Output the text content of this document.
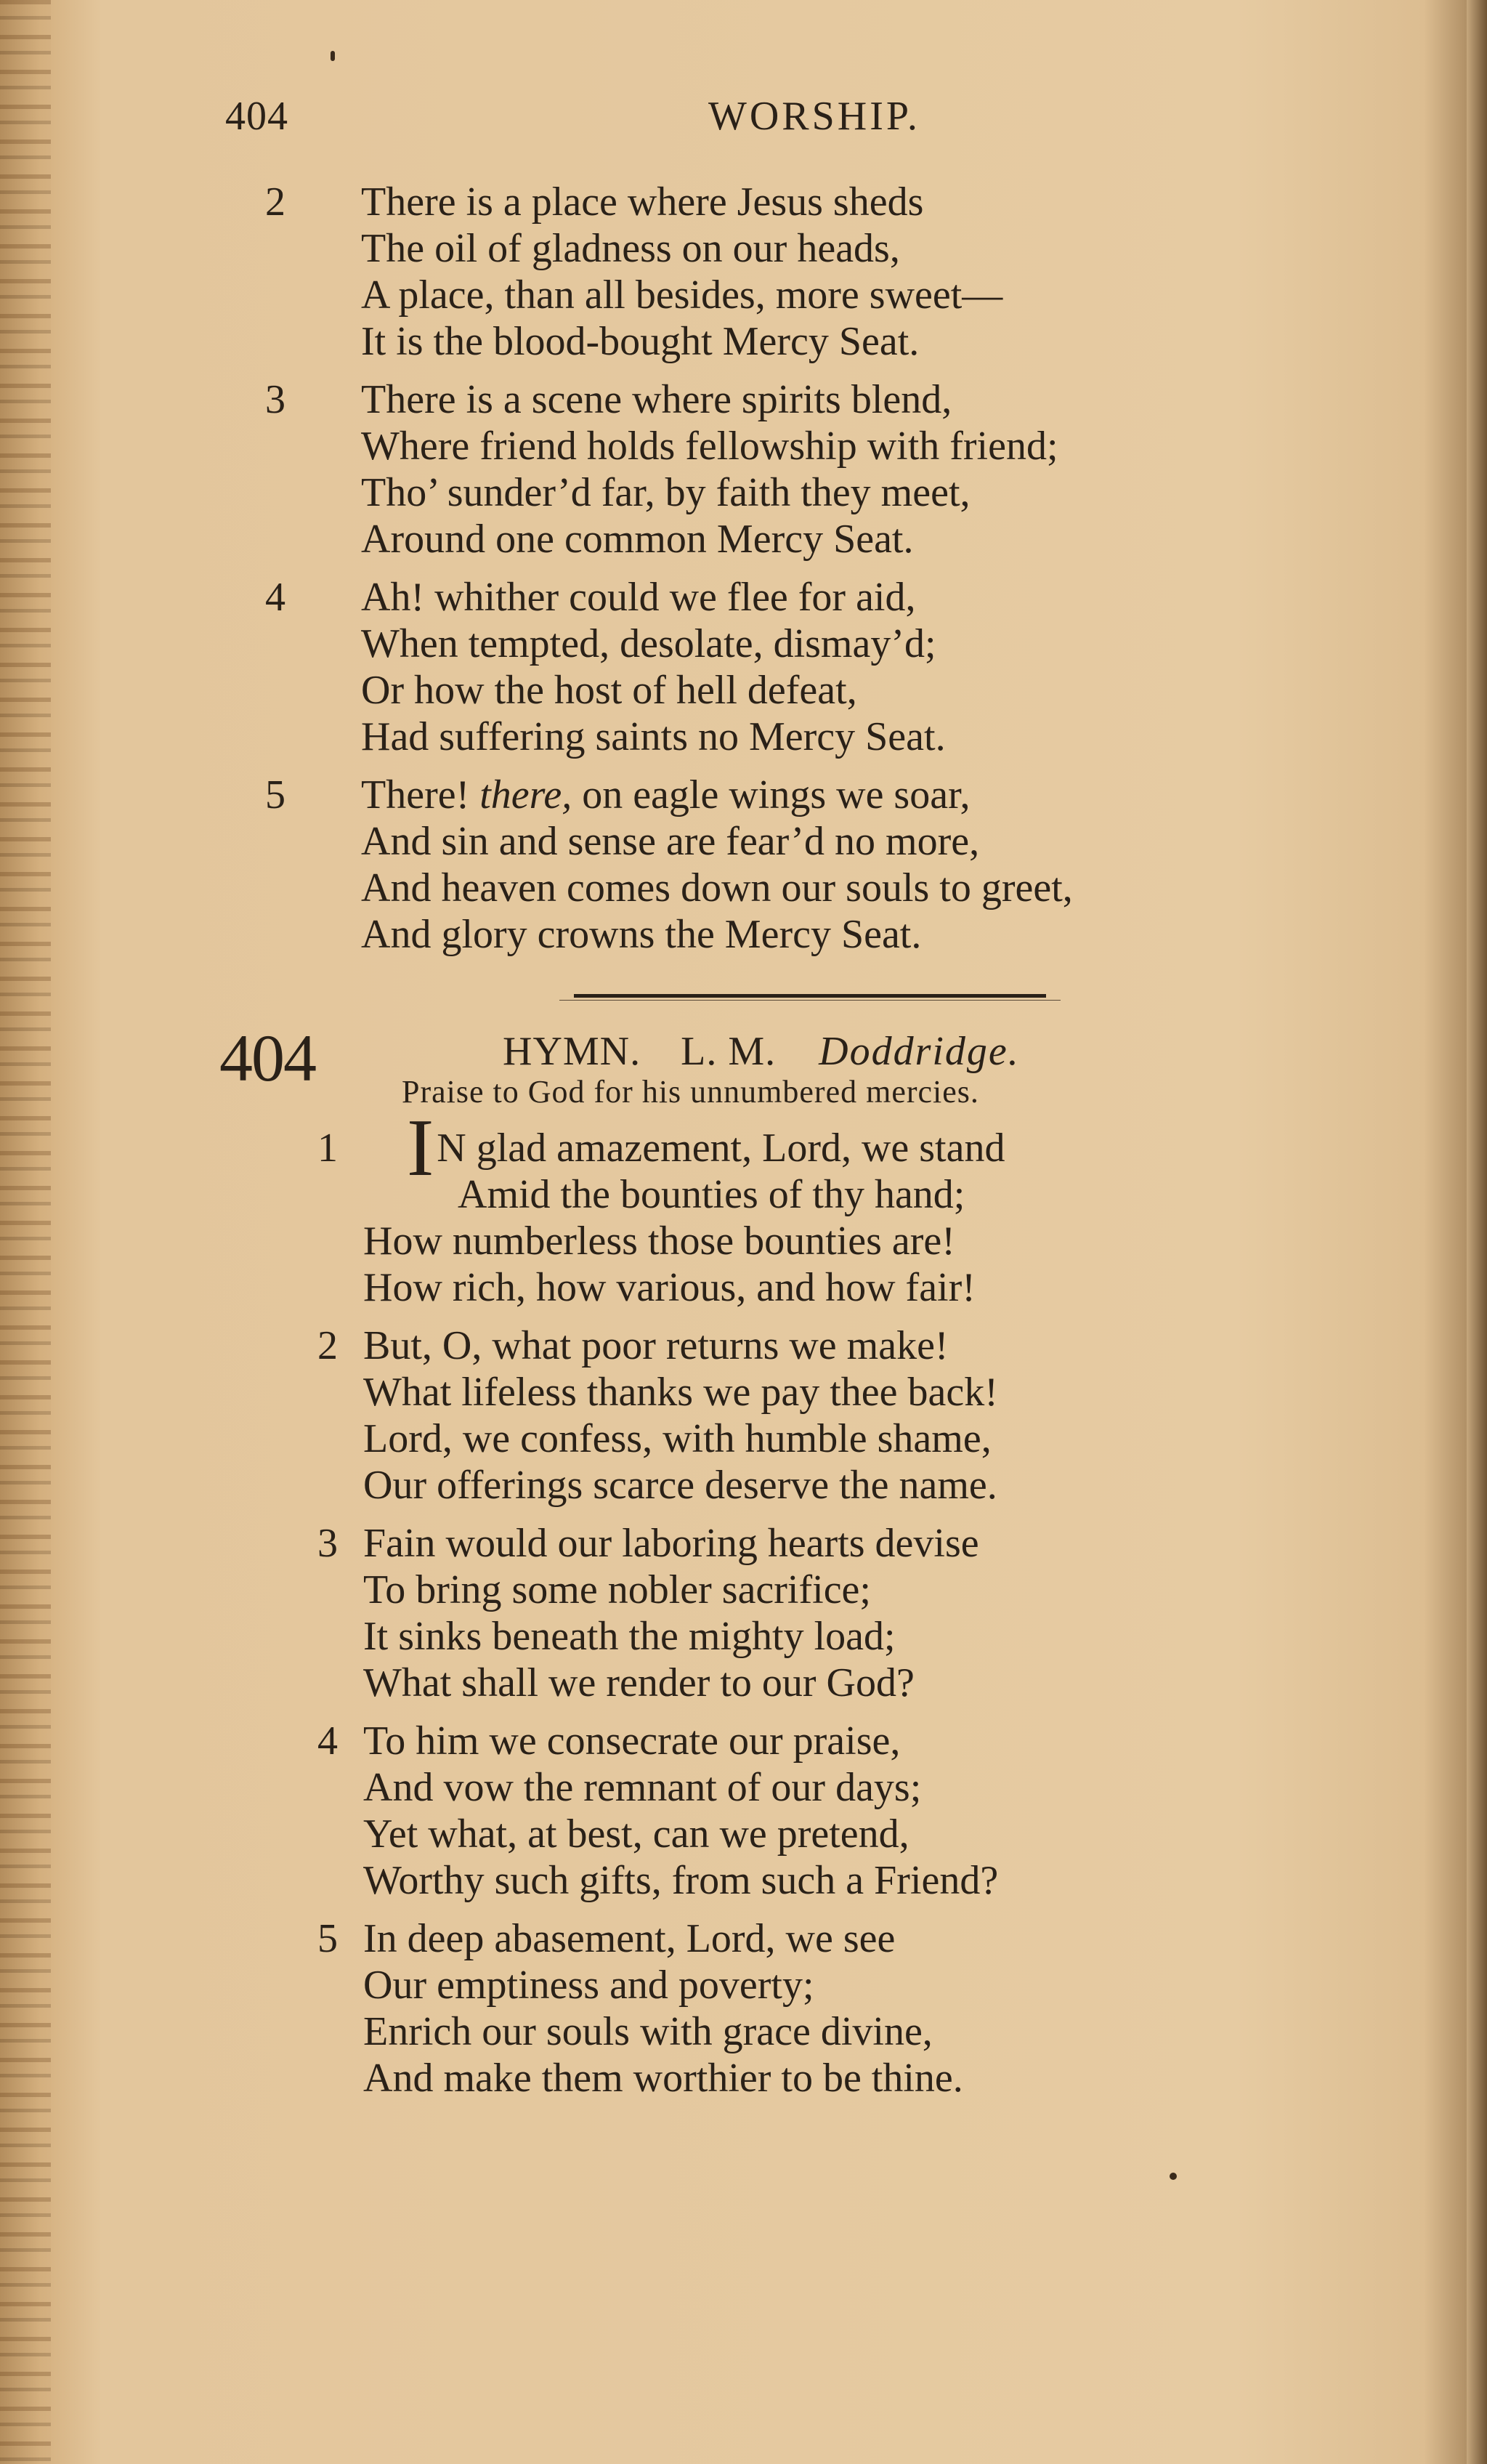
404	WORSHIP.
2	There is a place where Jesus sheds
The oil of gladness on our heads,
A place, than all besides, more sweet—
It is the blood-bought Mercy Seat.
3	There is a scene where spirits blend,
Where friend holds fellowship with friend;
Tho’ sunder’d far, by faith they meet,
Around one common Mercy Seat.
4	Ah! whither could we flee for aid,
When tempted, desolate, dismay’d;
Or how the host of hell defeat,
Had suffering saints no Mercy Seat.
5	There! there, on eagle wings we soar,
And sin and sense are fear’d no more,
And heaven comes down our souls to greet,
And glory crowns the Mercy Seat.
404	HYMN. L. M. Doddridge.
Praise to God for his unnumbered mercies.
1 IN glad amazement, Lord, we stand
Amid the bounties of thy hand;
How numberless those bounties are!
How rich, how various, and how fair!
2 But, O, what poor returns we make!
What lifeless thanks we pay thee back!
Lord, we confess, with humble shame,
Our offerings scarce deserve the name.
3 Fain would our laboring hearts devise
To bring some nobler sacrifice;
It sinks beneath the mighty load;
What shall we render to our God?
4 To him we consecrate our praise,
And vow the remnant of our days;
Yet what, at best, can we pretend,
Worthy such gifts, from such a Friend?
5 In deep abasement, Lord, we see
Our emptiness and poverty;
Enrich our souls with grace divine,
And make them worthier to be thine.
